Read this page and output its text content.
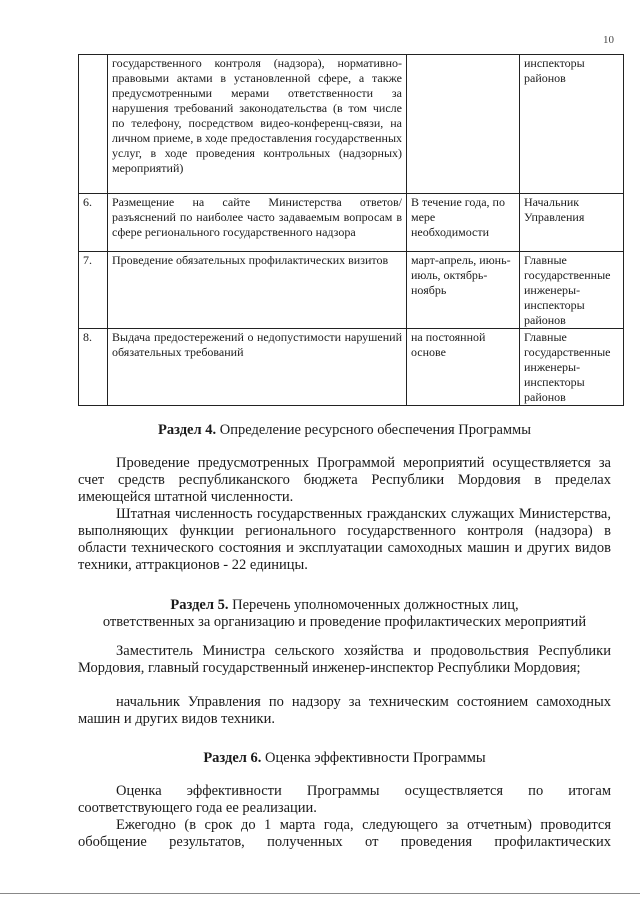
10
	государственного контроля (надзора), нормативно-правовыми актами в установленной сфере, а также предусмотренными мерами ответственности за нарушения требований законодательства (в том числе по телефону, посредством видео-конференц-связи, на личном приеме, в ходе предоставления государственных услуг, в ходе проведения контрольных (надзорных) мероприятий)		инспекторы районов
6.	Размещение на сайте Министерства ответов/разъяснений по наиболее часто задаваемым вопросам в сфере регионального государственного надзора	В течение года, по мере необходимости	Начальник Управления
7.	Проведение обязательных профилактических визитов	март-апрель, июнь-июль, октябрь-ноябрь	Главные государственные инженеры-инспекторы районов
8.	Выдача предостережений о недопустимости нарушений обязательных требований	на постоянной основе	Главные государственные инженеры-инспекторы районов
Раздел 4. Определение ресурсного обеспечения Программы

Проведение предусмотренных Программой мероприятий осуществляется за счет средств республиканского бюджета Республики Мордовия в пределах имеющейся штатной численности.

Штатная численность государственных гражданских служащих Министерства, выполняющих функции регионального государственного контроля (надзора) в области технического состояния и эксплуатации самоходных машин и других видов техники, аттракционов - 22 единицы.

Раздел 5. Перечень уполномоченных должностных лиц,
ответственных за организацию и проведение профилактических мероприятий

Заместитель Министра сельского хозяйства и продовольствия Республики Мордовия, главный государственный инженер-инспектор Республики Мордовия;

начальник Управления по надзору за техническим состоянием самоходных машин и других видов техники.

Раздел 6. Оценка эффективности Программы

Оценка эффективности Программы осуществляется по итогам соответствующего года ее реализации.

Ежегодно (в срок до 1 марта года, следующего за отчетным) проводится обобщение результатов, полученных от проведения профилактических
